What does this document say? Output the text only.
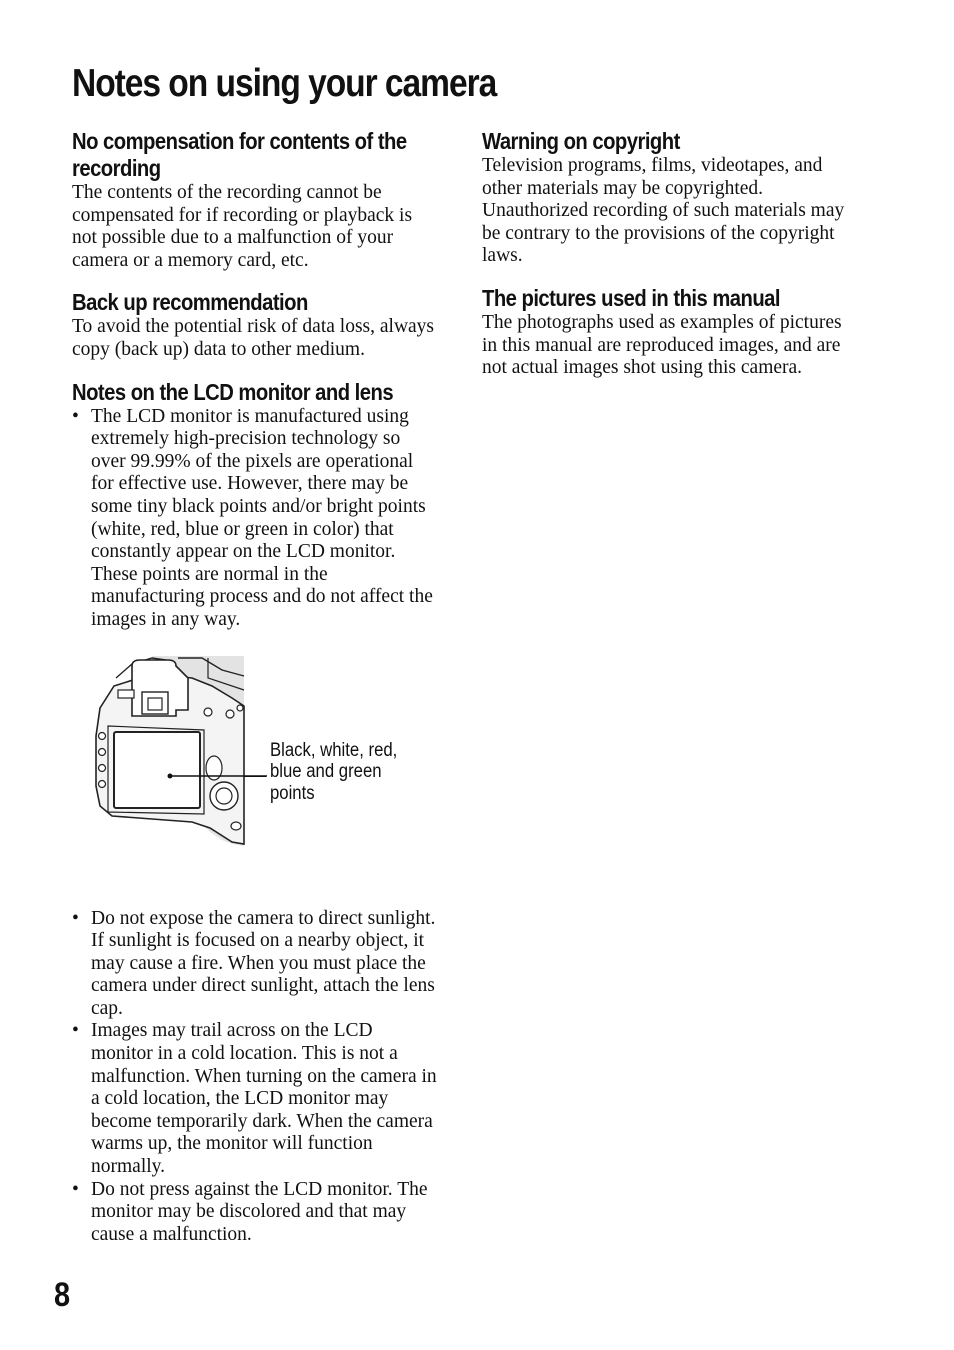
Notes on using your camera
No compensation for contents of the recording

The contents of the recording cannot be compensated for if recording or playback is not possible due to a malfunction of your camera or a memory card, etc.

Back up recommendation

To avoid the potential risk of data loss, always copy (back up) data to other medium.

Notes on the LCD monitor and lens
• The LCD monitor is manufactured using extremely high-precision technology so over 99.99% of the pixels are operational for effective use. However, there may be some tiny black points and/or bright points (white, red, blue or green in color) that constantly appear on the LCD monitor. These points are normal in the manufacturing process and do not affect the images in any way.
Black, white, red, blue and green points
• Do not expose the camera to direct sunlight. If sunlight is focused on a nearby object, it may cause a fire. When you must place the camera under direct sunlight, attach the lens cap.
• Images may trail across on the LCD monitor in a cold location. This is not a malfunction. When turning on the camera in a cold location, the LCD monitor may become temporarily dark. When the camera warms up, the monitor will function normally.
• Do not press against the LCD monitor. The monitor may be discolored and that may cause a malfunction.
Warning on copyright

Television programs, films, videotapes, and other materials may be copyrighted. Unauthorized recording of such materials may be contrary to the provisions of the copyright laws.

The pictures used in this manual

The photographs used as examples of pictures in this manual are reproduced images, and are not actual images shot using this camera.

8
